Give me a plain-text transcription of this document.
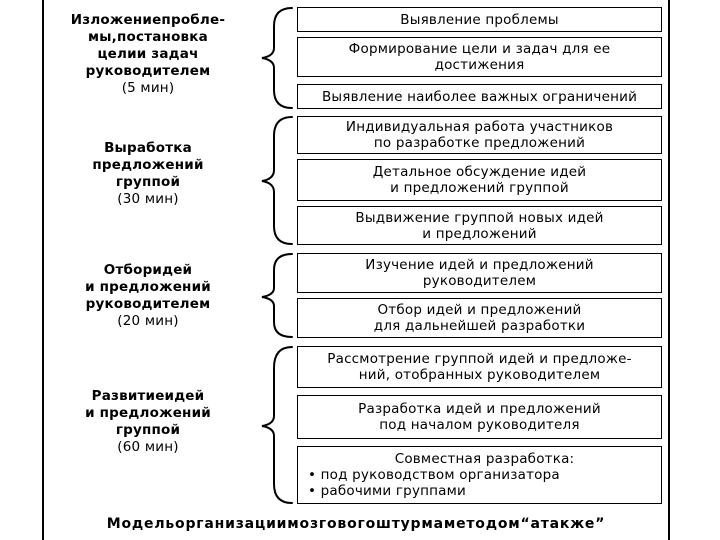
Изложениепробле-
мы,постановка
целии задач
руководителем
(5 мин)
Выявление проблемы
Формирование цели и задач для ее
достижения
Выявление наиболее важных ограничений
Выработка
предложений
группой
(30 мин)
Индивидуальная работа участников
по разработке предложений
Детальное обсуждение идей
и предложений группой
Выдвижение группой новых идей
и предложений
Отборидей
и предложений
руководителем
(20 мин)
Изучение идей и предложений
руководителем
Отбор идей и предложений
для дальнейшей разработки
Развитиеидей
и предложений
группой
(60 мин)
Рассмотрение группой идей и предложе-
ний, отобранных руководителем
Разработка идей и предложений
под началом руководителя
Совместная разработка:
• под руководством организатора
• рабочими группами
Модельорганизациимозговогоштурмаметодом“атакже”
